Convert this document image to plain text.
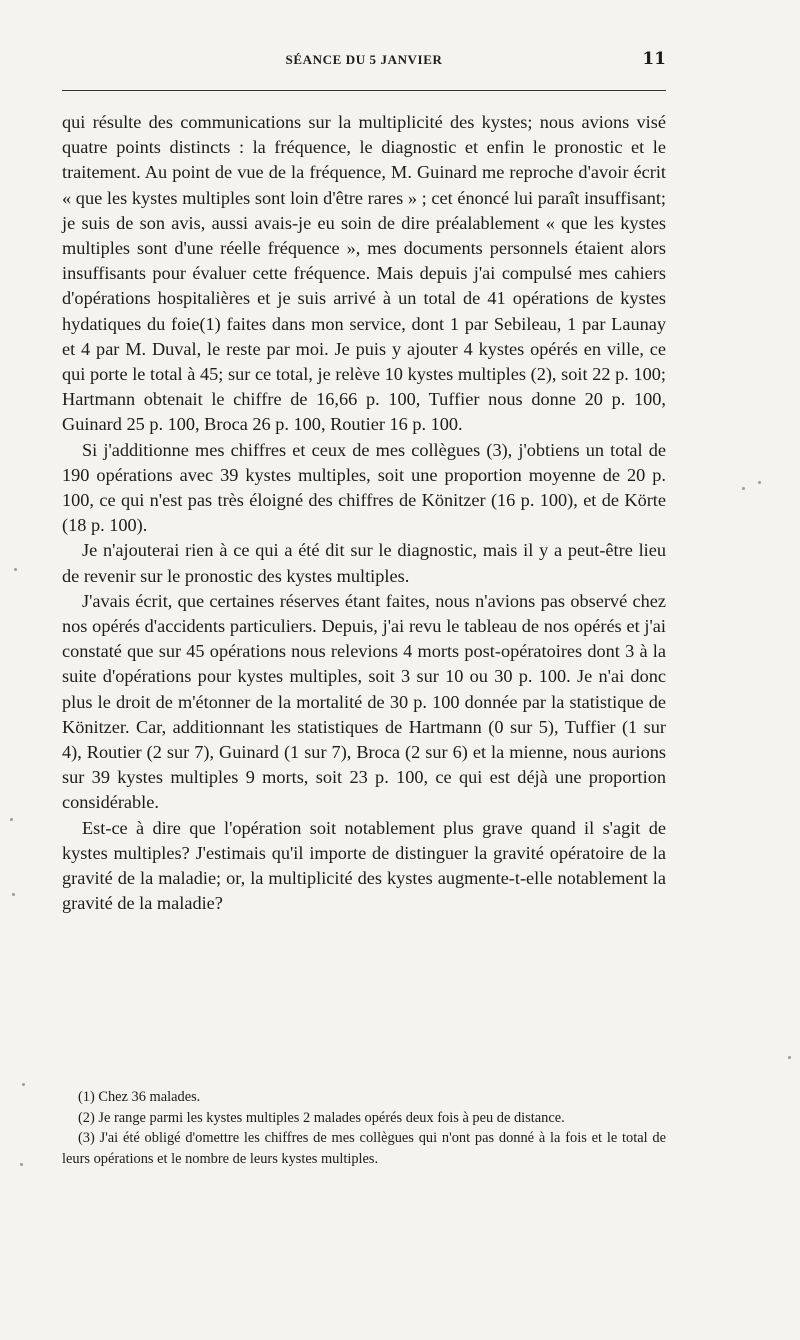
SÉANCE DU 5 JANVIER	11

qui résulte des communications sur la multiplicité des kystes; nous avions visé quatre points distincts : la fréquence, le diagnostic et enfin le pronostic et le traitement. Au point de vue de la fréquence, M. Guinard me reproche d'avoir écrit « que les kystes multiples sont loin d'être rares » ; cet énoncé lui paraît insuffisant; je suis de son avis, aussi avais-je eu soin de dire préalablement « que les kystes multiples sont d'une réelle fréquence », mes documents personnels étaient alors insuffisants pour évaluer cette fréquence. Mais depuis j'ai compulsé mes cahiers d'opérations hospitalières et je suis arrivé à un total de 41 opérations de kystes hydatiques du foie(1) faites dans mon service, dont 1 par Sebileau, 1 par Launay et 4 par M. Duval, le reste par moi. Je puis y ajouter 4 kystes opérés en ville, ce qui porte le total à 45; sur ce total, je relève 10 kystes multiples (2), soit 22 p. 100; Hartmann obtenait le chiffre de 16,66 p. 100, Tuffier nous donne 20 p. 100, Guinard 25 p. 100, Broca 26 p. 100, Routier 16 p. 100.

Si j'additionne mes chiffres et ceux de mes collègues (3), j'obtiens un total de 190 opérations avec 39 kystes multiples, soit une proportion moyenne de 20 p. 100, ce qui n'est pas très éloigné des chiffres de Könitzer (16 p. 100), et de Körte (18 p. 100).

Je n'ajouterai rien à ce qui a été dit sur le diagnostic, mais il y a peut-être lieu de revenir sur le pronostic des kystes multiples.

J'avais écrit, que certaines réserves étant faites, nous n'avions pas observé chez nos opérés d'accidents particuliers. Depuis, j'ai revu le tableau de nos opérés et j'ai constaté que sur 45 opérations nous relevions 4 morts post-opératoires dont 3 à la suite d'opérations pour kystes multiples, soit 3 sur 10 ou 30 p. 100. Je n'ai donc plus le droit de m'étonner de la mortalité de 30 p. 100 donnée par la statistique de Könitzer. Car, additionnant les statistiques de Hartmann (0 sur 5), Tuffier (1 sur 4), Routier (2 sur 7), Guinard (1 sur 7), Broca (2 sur 6) et la mienne, nous aurions sur 39 kystes multiples 9 morts, soit 23 p. 100, ce qui est déjà une proportion considérable.

Est-ce à dire que l'opération soit notablement plus grave quand il s'agit de kystes multiples? J'estimais qu'il importe de distinguer la gravité opératoire de la gravité de la maladie; or, la multiplicité des kystes augmente-t-elle notablement la gravité de la maladie?

(1) Chez 36 malades.

(2) Je range parmi les kystes multiples 2 malades opérés deux fois à peu de distance.

(3) J'ai été obligé d'omettre les chiffres de mes collègues qui n'ont pas donné à la fois et le total de leurs opérations et le nombre de leurs kystes multiples.
